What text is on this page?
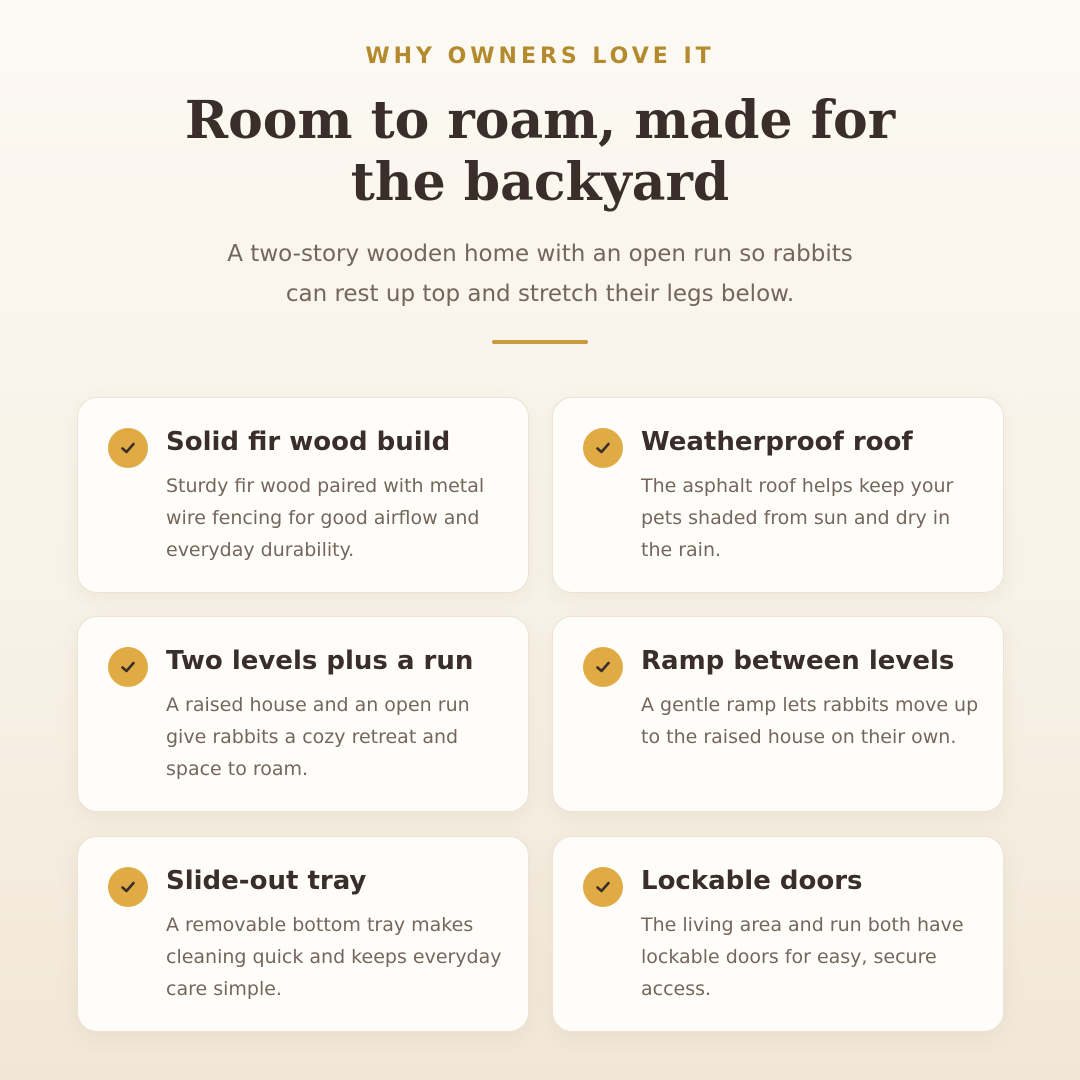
WHY OWNERS LOVE IT
Room to roam, made for the backyard

A two-story wooden home with an open run so rabbits can rest up top and stretch their legs below.

Solid fir wood build

Sturdy fir wood paired with metal wire fencing for good airflow and everyday durability.

Weatherproof roof

The asphalt roof helps keep your pets shaded from sun and dry in the rain.

Two levels plus a run

A raised house and an open run give rabbits a cozy retreat and space to roam.

Ramp between levels

A gentle ramp lets rabbits move up to the raised house on their own.

Slide-out tray

A removable bottom tray makes cleaning quick and keeps everyday care simple.

Lockable doors

The living area and run both have lockable doors for easy, secure access.
